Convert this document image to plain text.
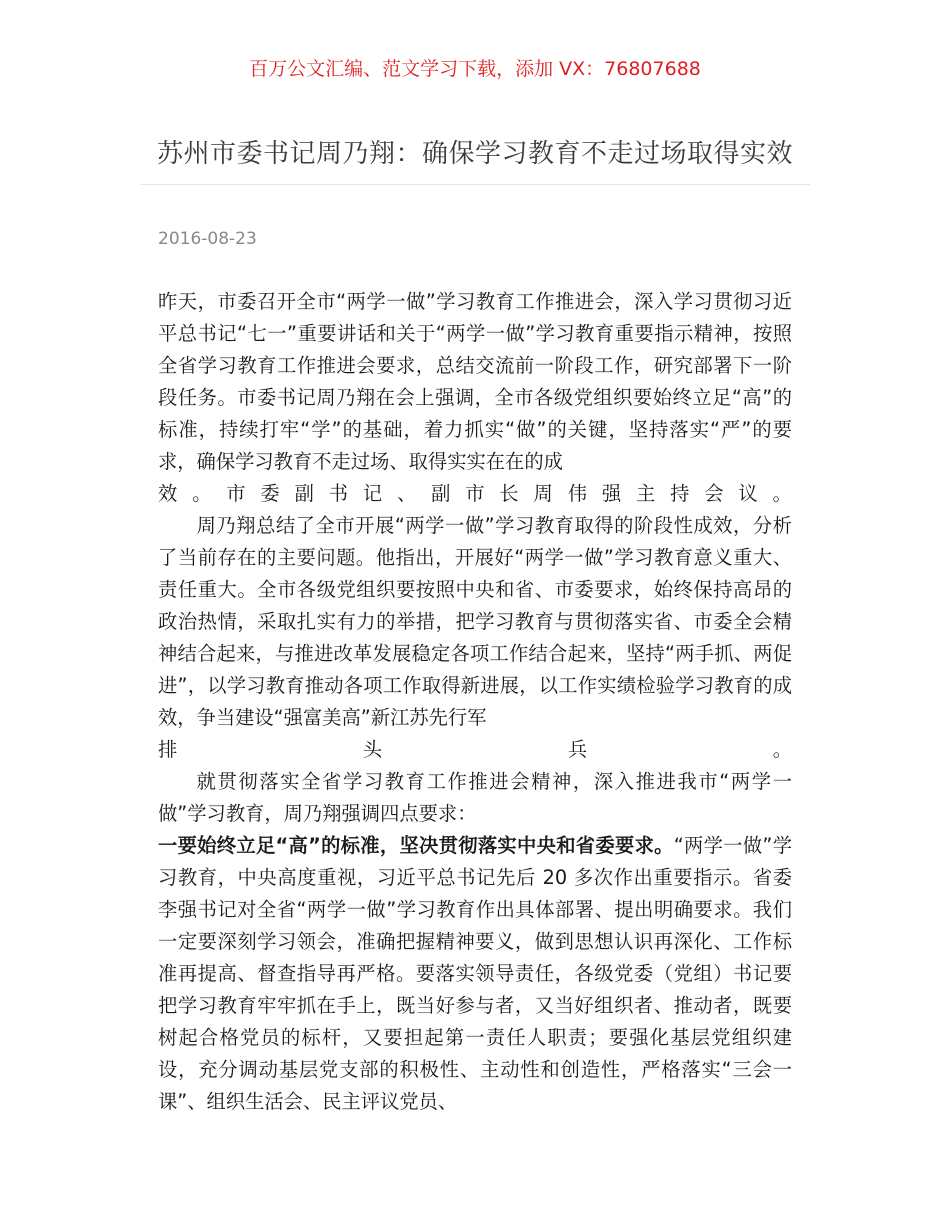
百万公文汇编、范文学习下载，添加 VX：76807688
苏州市委书记周乃翔：确保学习教育不走过场取得实效
2016-08-23

昨天，市委召开全市“两学一做”学习教育工作推进会，深入学习贯彻习近平总书记“七一”重要讲话和关于“两学一做”学习教育重要指示精神，按照全省学习教育工作推进会要求，总结交流前一阶段工作，研究部署下一阶段任务。市委书记周乃翔在会上强调，全市各级党组织要始终立足“高”的标准，持续打牢“学”的基础，着力抓实“做”的关键，坚持落实“严”的要求，确保学习教育不走过场、取得实实在在的成

效 。 市 委 副 书 记 、 副 市 长 周 伟 强 主 持 会 议 。

周乃翔总结了全市开展“两学一做”学习教育取得的阶段性成效，分析了当前存在的主要问题。他指出，开展好“两学一做”学习教育意义重大、责任重大。全市各级党组织要按照中央和省、市委要求，始终保持高昂的政治热情，采取扎实有力的举措，把学习教育与贯彻落实省、市委全会精神结合起来，与推进改革发展稳定各项工作结合起来，坚持“两手抓、两促进”，以学习教育推动各项工作取得新进展，以工作实绩检验学习教育的成效，争当建设“强富美高”新江苏先行军

排	头	兵	。

就贯彻落实全省学习教育工作推进会精神，深入推进我市“两学一做”学习教育，周乃翔强调四点要求：

一要始终立足“高”的标准，坚决贯彻落实中央和省委要求。“两学一做”学习教育，中央高度重视，习近平总书记先后 20 多次作出重要指示。省委李强书记对全省“两学一做”学习教育作出具体部署、提出明确要求。我们一定要深刻学习领会，准确把握精神要义，做到思想认识再深化、工作标准再提高、督查指导再严格。要落实领导责任，各级党委（党组）书记要把学习教育牢牢抓在手上，既当好参与者，又当好组织者、推动者，既要树起合格党员的标杆，又要担起第一责任人职责；要强化基层党组织建设，充分调动基层党支部的积极性、主动性和创造性，严格落实“三会一课”、组织生活会、民主评议党员、
